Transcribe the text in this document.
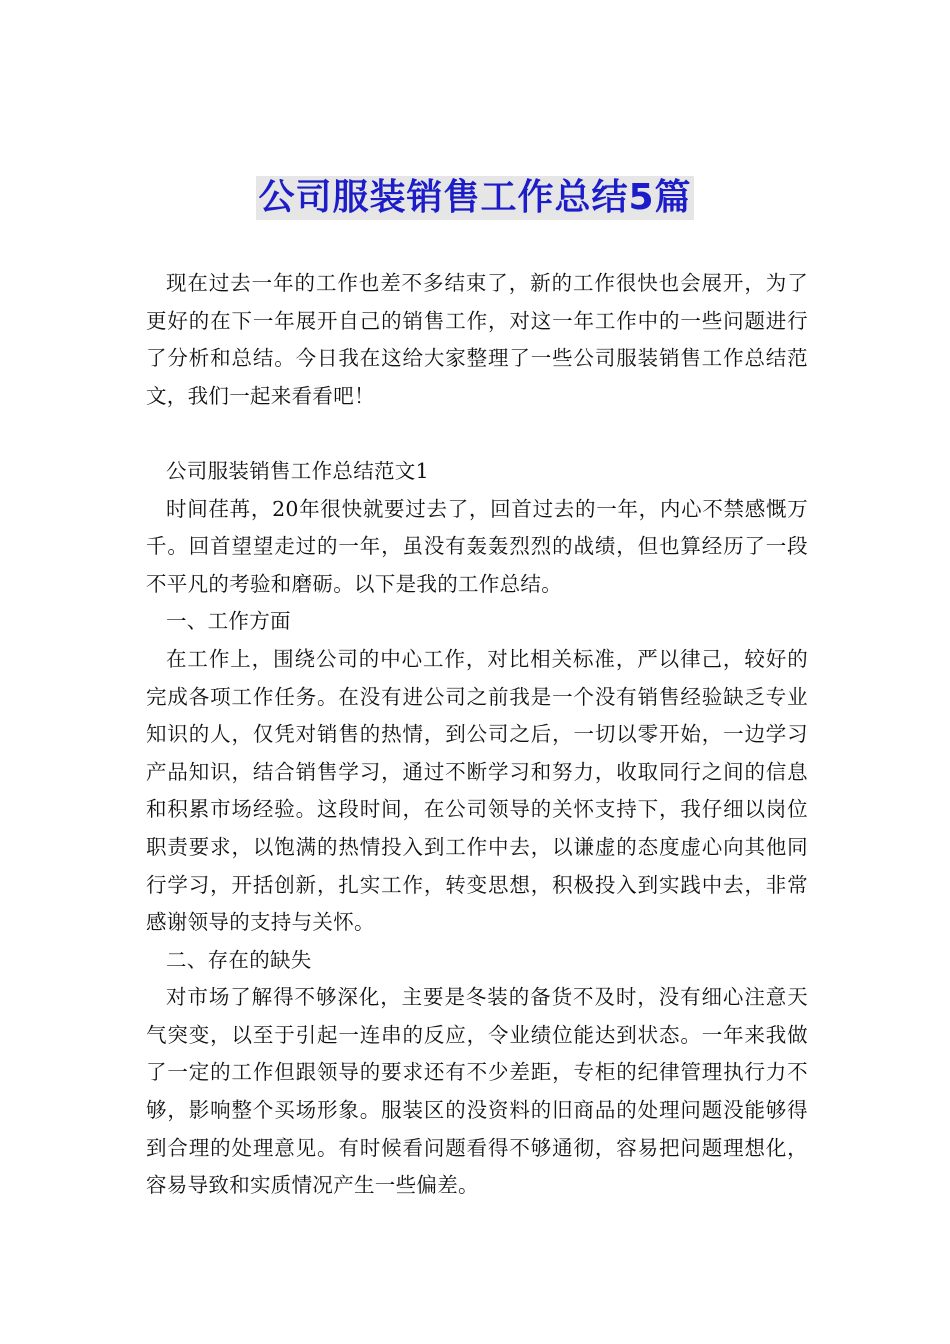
公司服装销售工作总结5篇

现在过去一年的工作也差不多结束了，新的工作很快也会展开，为了更好的在下一年展开自己的销售工作，对这一年工作中的一些问题进行了分析和总结。今日我在这给大家整理了一些公司服装销售工作总结范文，我们一起来看看吧！

公司服装销售工作总结范文1

时间荏苒，20年很快就要过去了，回首过去的一年，内心不禁感慨万千。回首望望走过的一年，虽没有轰轰烈烈的战绩，但也算经历了一段不平凡的考验和磨砺。以下是我的工作总结。

一、工作方面

在工作上，围绕公司的中心工作，对比相关标准，严以律己，较好的完成各项工作任务。在没有进公司之前我是一个没有销售经验缺乏专业知识的人，仅凭对销售的热情，到公司之后，一切以零开始，一边学习产品知识，结合销售学习，通过不断学习和努力，收取同行之间的信息和积累市场经验。这段时间，在公司领导的关怀支持下，我仔细以岗位职责要求，以饱满的热情投入到工作中去，以谦虚的态度虚心向其他同行学习，开括创新，扎实工作，转变思想，积极投入到实践中去，非常感谢领导的支持与关怀。

二、存在的缺失

对市场了解得不够深化，主要是冬装的备货不及时，没有细心注意天气突变，以至于引起一连串的反应，令业绩位能达到状态。一年来我做了一定的工作但跟领导的要求还有不少差距，专柜的纪律管理执行力不够，影响整个买场形象。服装区的没资料的旧商品的处理问题没能够得到合理的处理意见。有时候看问题看得不够通彻，容易把问题理想化，容易导致和实质情况产生一些偏差。
